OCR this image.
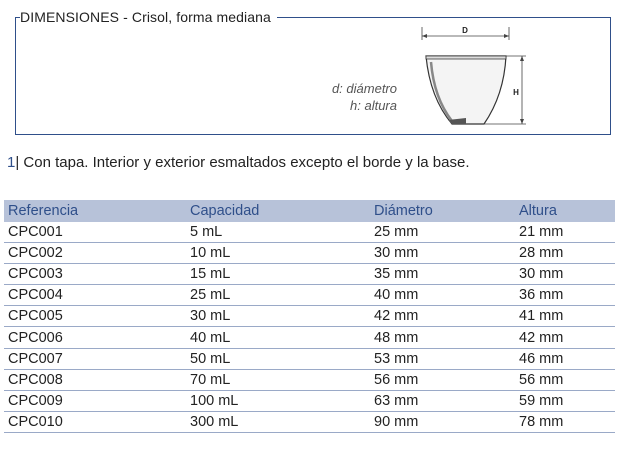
DIMENSIONES - Crisol, forma mediana
d: diámetro
h: altura
D
H
1| Con tapa. Interior y exterior esmaltados excepto el borde y la base.
Referencia	Capacidad	Diámetro	Altura
CPC001	5 mL	25 mm	21 mm
CPC002	10 mL	30 mm	28 mm
CPC003	15 mL	35 mm	30 mm
CPC004	25 mL	40 mm	36 mm
CPC005	30 mL	42 mm	41 mm
CPC006	40 mL	48 mm	42 mm
CPC007	50 mL	53 mm	46 mm
CPC008	70 mL	56 mm	56 mm
CPC009	100 mL	63 mm	59 mm
CPC010	300 mL	90 mm	78 mm
